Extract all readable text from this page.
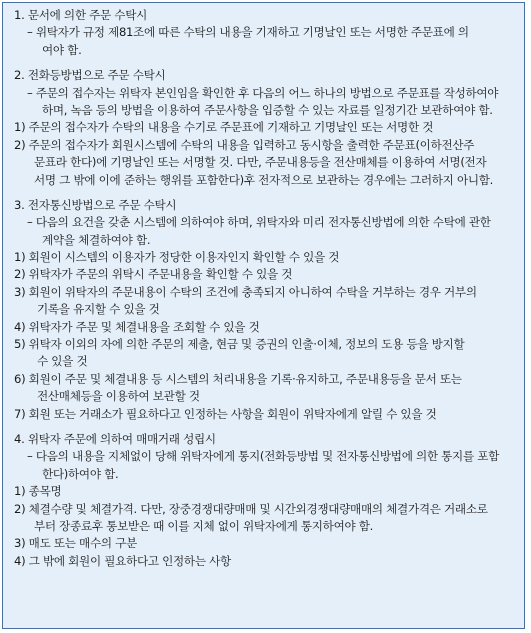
1. 문서에 의한 주문 수탁시
– 위탁자가 규정 제81조에 따른 수탁의 내용을 기재하고 기명날인 또는 서명한 주문표에 의
여야 함.
2. 전화등방법으로 주문 수탁시
– 주문의 접수자는 위탁자 본인임을 확인한 후 다음의 어느 하나의 방법으로 주문표를 작성하여야
하며, 녹음 등의 방법을 이용하여 주문사항을 입증할 수 있는 자료를 일정기간 보관하여야 함.
1) 주문의 접수자가 수탁의 내용을 수기로 주문표에 기재하고 기명날인 또는 서명한 것
2) 주문의 접수자가 회원시스템에 수탁의 내용을 입력하고 동시항을 출력한 주문표(이하전산주
문표라 한다)에 기명날인 또는 서명할 것. 다만, 주문내용등을 전산매체를 이용하여 서명(전자
서명 그 밖에 이에 준하는 행위를 포함한다)후 전자적으로 보관하는 경우에는 그러하지 아니함.
3. 전자통신방법으로 주문 수탁시
– 다음의 요건을 갖춘 시스템에 의하여야 하며, 위탁자와 미리 전자통신방법에 의한 수탁에 관한
계약을 체결하여야 함.
1) 회원이 시스템의 이용자가 정당한 이용자인지 확인할 수 있을 것
2) 위탁자가 주문의 위탁시 주문내용을 확인할 수 있을 것
3) 회원이 위탁자의 주문내용이 수탁의 조건에 충족되지 아니하여 수탁을 거부하는 경우 거부의
기록을 유지할 수 있을 것
4) 위탁자가 주문 및 체결내용을 조회할 수 있을 것
5) 위탁자 이외의 자에 의한 주문의 제출, 현금 및 증권의 인출·이체, 정보의 도용 등을 방지할
수 있을 것
6) 회원이 주문 및 체결내용 등 시스템의 처리내용을 기록·유지하고, 주문내용등을 문서 또는
전산매체등을 이용하여 보관할 것
7) 회원 또는 거래소가 필요하다고 인정하는 사항을 회원이 위탁자에게 알릴 수 있을 것
4. 위탁자 주문에 의하여 매매거래 성립시
– 다음의 내용을 지체없이 당해 위탁자에게 통지(전화등방법 및 전자통신방법에 의한 통지를 포함
한다)하여야 함.
1) 종목명
2) 체결수량 및 체결가격. 다만, 장중경쟁대량매매 및 시간외경쟁대량매매의 체결가격은 거래소로
부터 장종료후 통보받은 때 이를 지체 없이 위탁자에게 통지하여야 함.
3) 매도 또는 매수의 구분
4) 그 밖에 회원이 필요하다고 인정하는 사항
